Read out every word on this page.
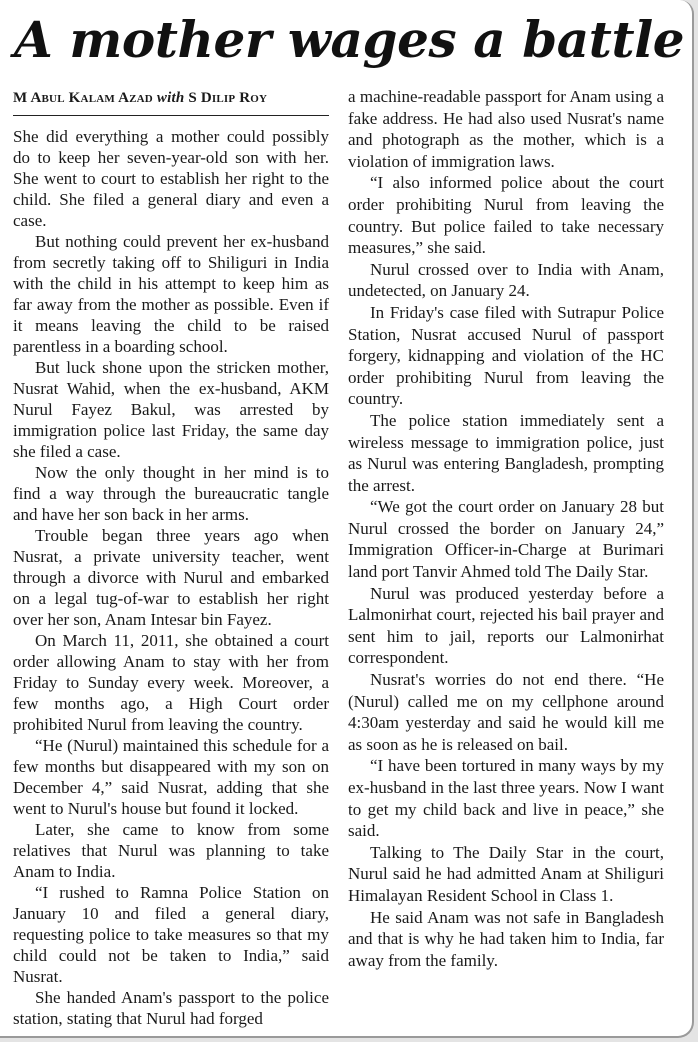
A mother wages a battle
M Abul Kalam Azad with S Dilip Roy

She did everything a mother could possibly do to keep her seven-year-old son with her. She went to court to establish her right to the child. She filed a general diary and even a case.

But nothing could prevent her ex-husband from secretly taking off to Shiliguri in India with the child in his attempt to keep him as far away from the mother as possible. Even if it means leaving the child to be raised parentless in a boarding school.

But luck shone upon the stricken mother, Nusrat Wahid, when the ex-husband, AKM Nurul Fayez Bakul, was arrested by immigration police last Friday, the same day she filed a case.

Now the only thought in her mind is to find a way through the bureaucratic tangle and have her son back in her arms.

Trouble began three years ago when Nusrat, a private university teacher, went through a divorce with Nurul and embarked on a legal tug-of-war to establish her right over her son, Anam Intesar bin Fayez.

On March 11, 2011, she obtained a court order allowing Anam to stay with her from Friday to Sunday every week. Moreover, a few months ago, a High Court order prohibited Nurul from leaving the country.

“He (Nurul) maintained this schedule for a few months but disappeared with my son on December 4,” said Nusrat, adding that she went to Nurul's house but found it locked.

Later, she came to know from some relatives that Nurul was planning to take Anam to India.

“I rushed to Ramna Police Station on January 10 and filed a general diary, requesting police to take measures so that my child could not be taken to India,” said Nusrat.

She handed Anam's passport to the police station, stating that Nurul had forged

a machine-readable passport for Anam using a fake address. He had also used Nusrat's name and photograph as the mother, which is a violation of immigration laws.

“I also informed police about the court order prohibiting Nurul from leaving the country. But police failed to take necessary measures,” she said.

Nurul crossed over to India with Anam, undetected, on January 24.

In Friday's case filed with Sutrapur Police Station, Nusrat accused Nurul of passport forgery, kidnapping and violation of the HC order prohibiting Nurul from leaving the country.

The police station immediately sent a wireless message to immigration police, just as Nurul was entering Bangladesh, prompting the arrest.

“We got the court order on January 28 but Nurul crossed the border on January 24,” Immigration Officer-in-Charge at Burimari land port Tanvir Ahmed told The Daily Star.

Nurul was produced yesterday before a Lalmonirhat court, rejected his bail prayer and sent him to jail, reports our Lalmonirhat correspondent.

Nusrat's worries do not end there. “He (Nurul) called me on my cellphone around 4:30am yesterday and said he would kill me as soon as he is released on bail.

“I have been tortured in many ways by my ex-husband in the last three years. Now I want to get my child back and live in peace,” she said.

Talking to The Daily Star in the court, Nurul said he had admitted Anam at Shiliguri Himalayan Resident School in Class 1.

He said Anam was not safe in Bangladesh and that is why he had taken him to India, far away from the family.
